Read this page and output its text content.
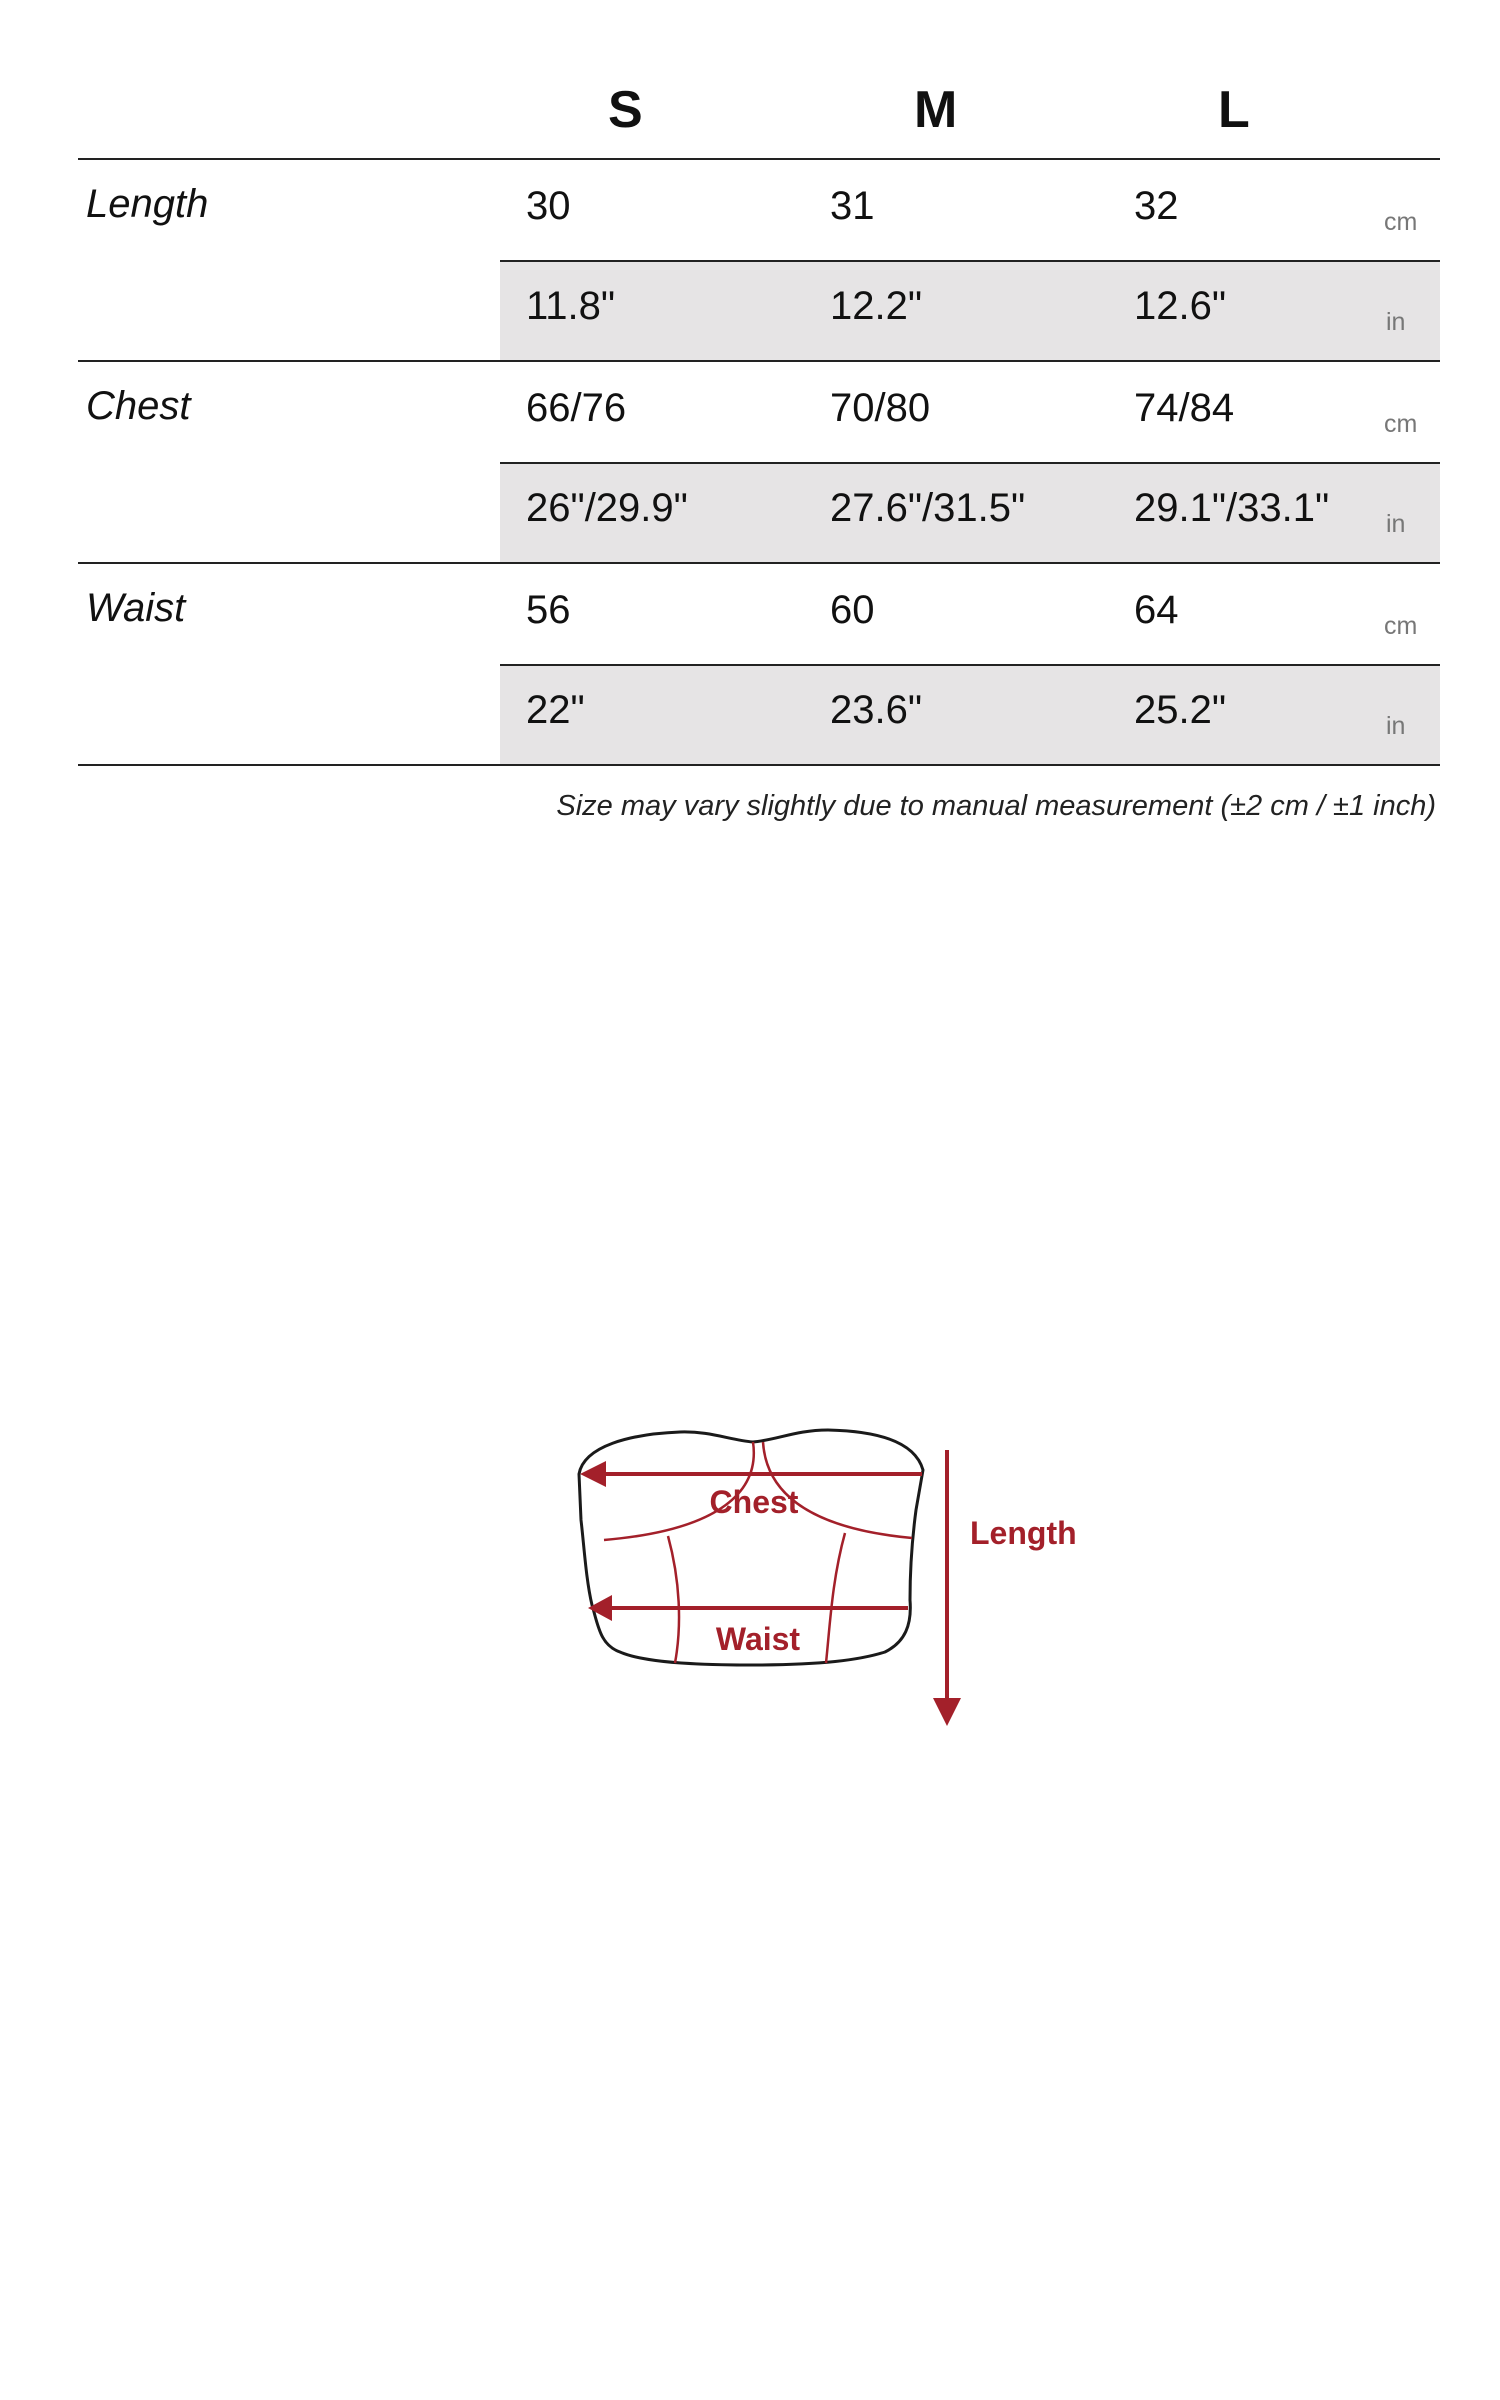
S	M	L
Length	30	31	32	cm
11.8"	12.2"	12.6"	in
Chest	66/76	70/80	74/84	cm
26"/29.9"	27.6"/31.5"	29.1"/33.1" in
Waist	56	60	64	cm
22"	23.6"	25.2"	in
Size may vary slightly due to manual measurement (±2 cm / ±1 inch)
Chest
Waist
Length
